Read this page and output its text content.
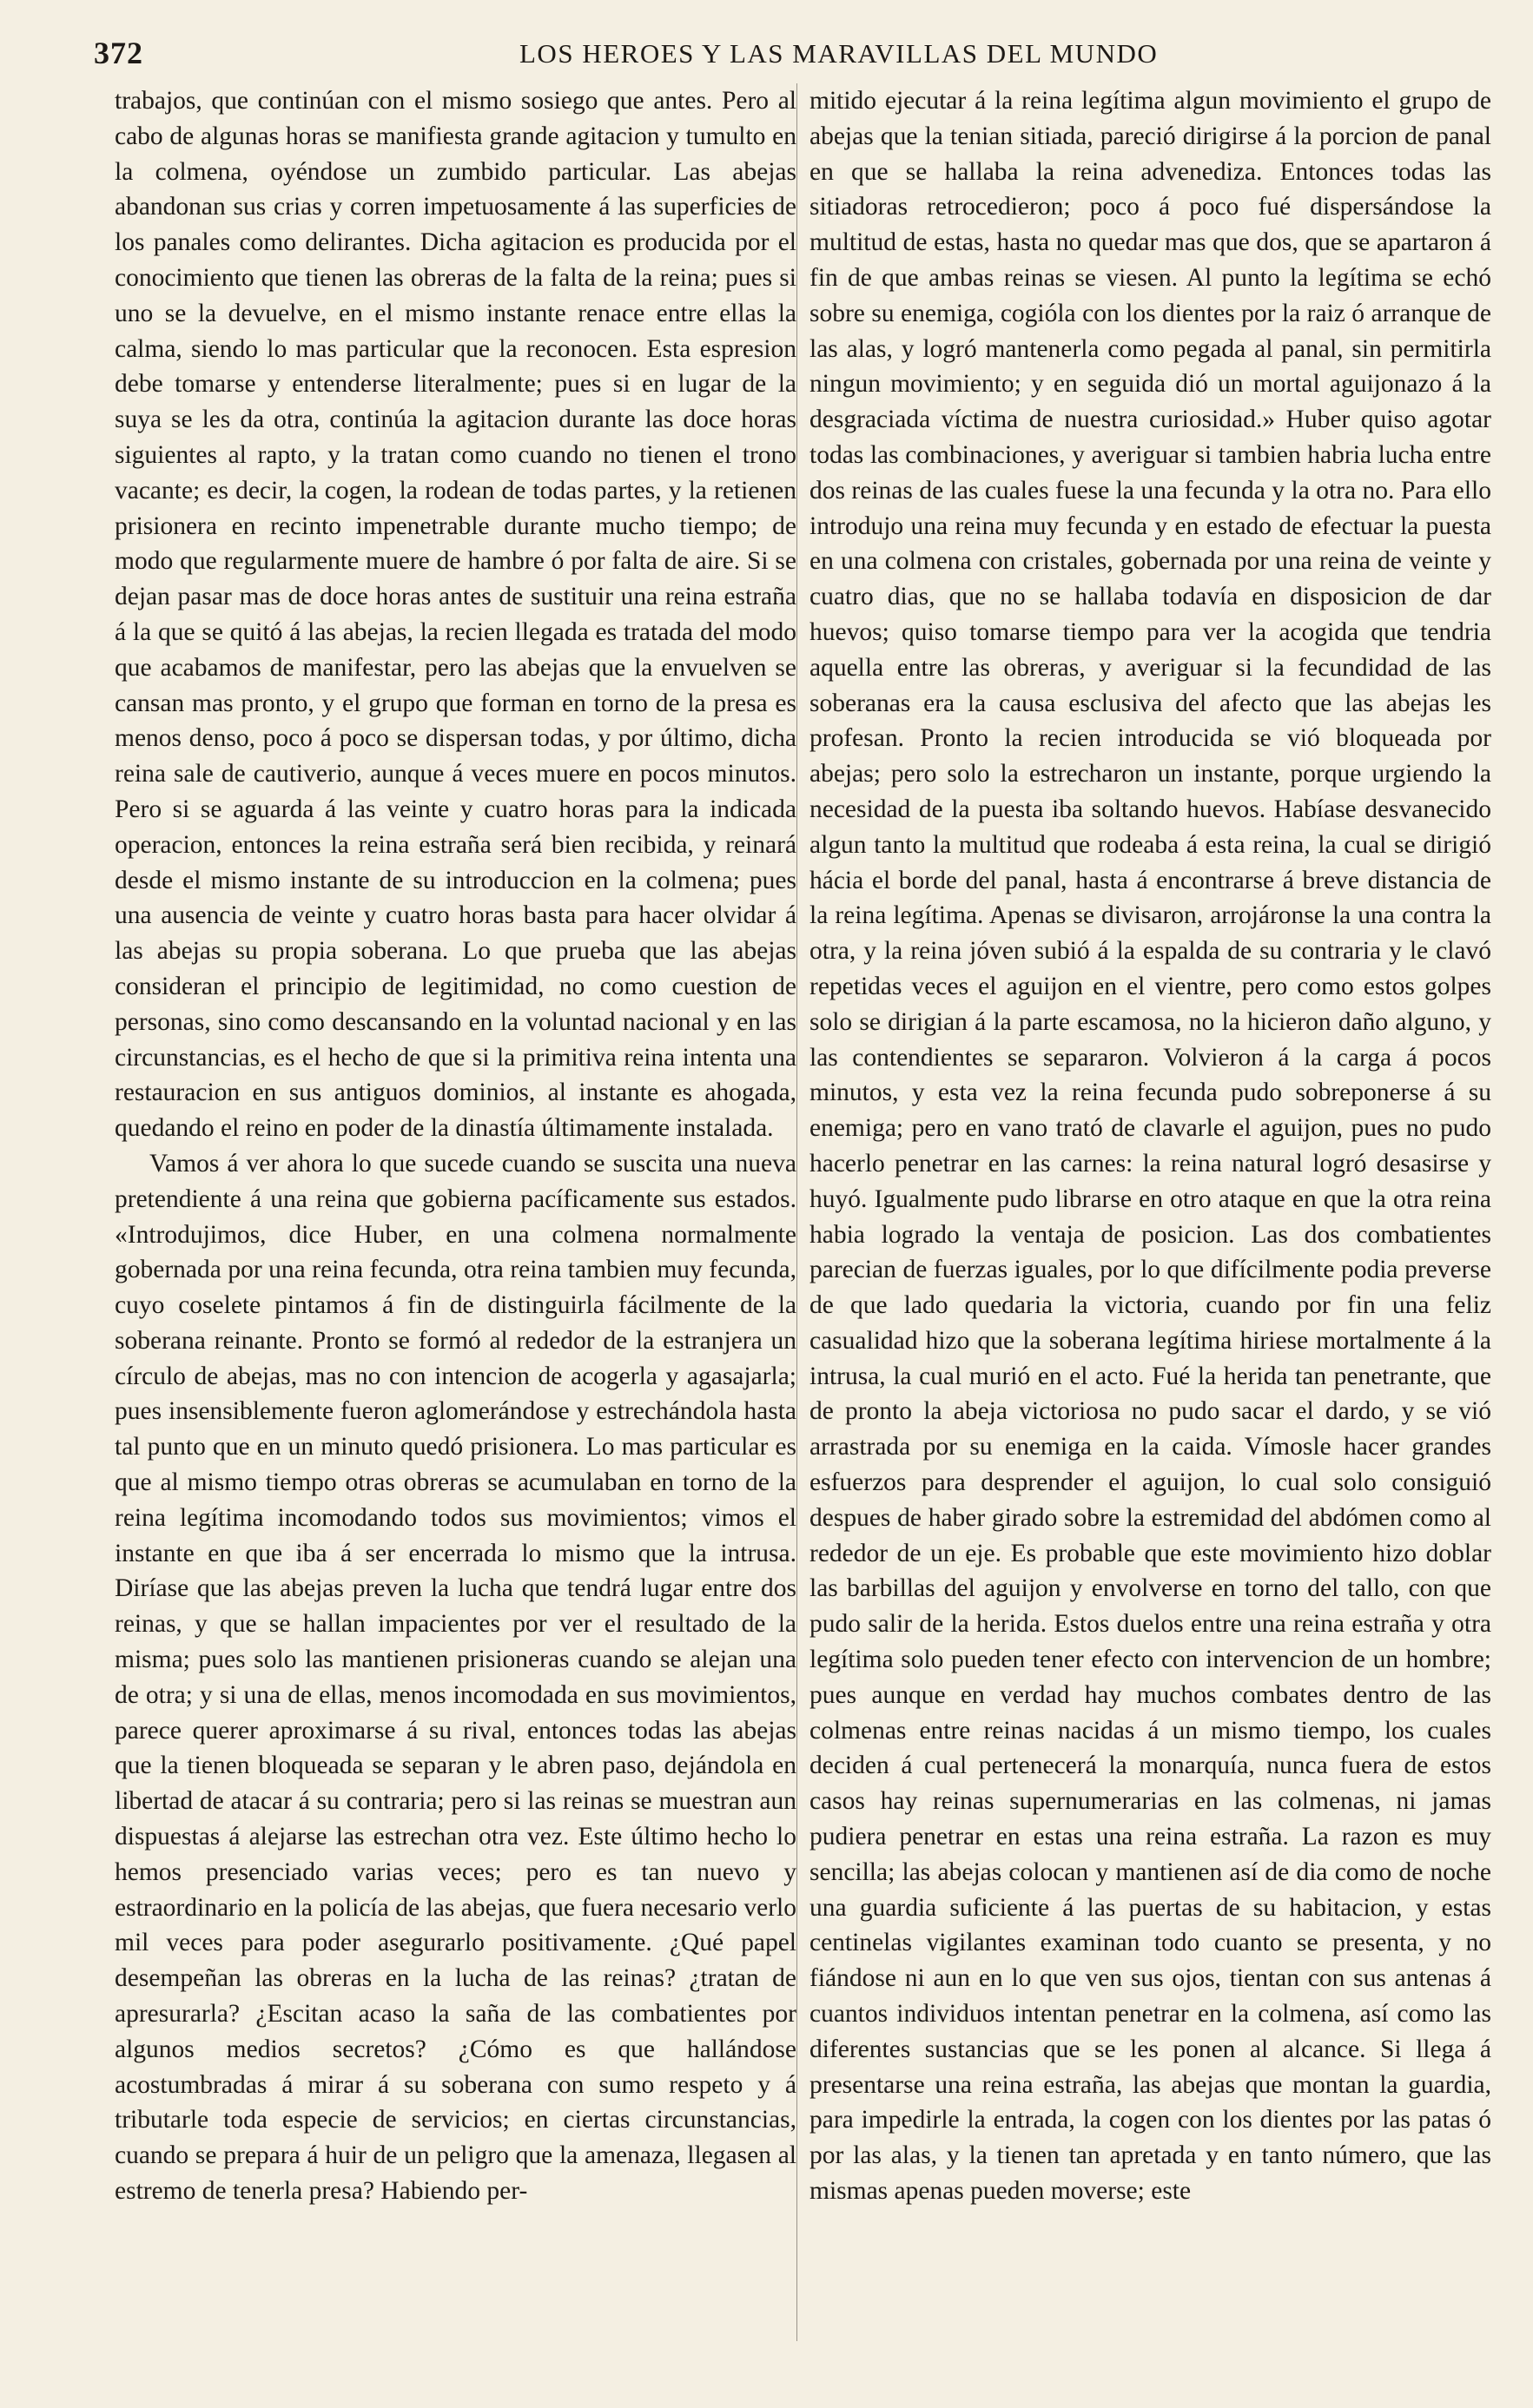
372	LOS HEROES Y LAS MARAVILLAS DEL MUNDO

trabajos, que continúan con el mismo sosiego que antes. Pero al cabo de algunas horas se manifiesta grande agitacion y tumulto en la colmena, oyéndose un zumbido particular. Las abejas abandonan sus crias y corren impetuosamente á las superficies de los panales como delirantes. Dicha agitacion es producida por el conocimiento que tienen las obreras de la falta de la reina; pues si uno se la devuelve, en el mismo instante renace entre ellas la calma, siendo lo mas particular que la reconocen. Esta espresion debe tomarse y entenderse literalmente; pues si en lugar de la suya se les da otra, continúa la agitacion durante las doce horas siguientes al rapto, y la tratan como cuando no tienen el trono vacante; es decir, la cogen, la rodean de todas partes, y la retienen prisionera en recinto impenetrable durante mucho tiempo; de modo que regularmente muere de hambre ó por falta de aire. Si se dejan pasar mas de doce horas antes de sustituir una reina estraña á la que se quitó á las abejas, la recien llegada es tratada del modo que acabamos de manifestar, pero las abejas que la envuelven se cansan mas pronto, y el grupo que forman en torno de la presa es menos denso, poco á poco se dispersan todas, y por último, dicha reina sale de cautiverio, aunque á veces muere en pocos minutos. Pero si se aguarda á las veinte y cuatro horas para la indicada operacion, entonces la reina estraña será bien recibida, y reinará desde el mismo instante de su introduccion en la colmena; pues una ausencia de veinte y cuatro horas basta para hacer olvidar á las abejas su propia soberana. Lo que prueba que las abejas consideran el principio de legitimidad, no como cuestion de personas, sino como descansando en la voluntad nacional y en las circunstancias, es el hecho de que si la primitiva reina intenta una restauracion en sus antiguos dominios, al instante es ahogada, quedando el reino en poder de la dinastía últimamente instalada.

Vamos á ver ahora lo que sucede cuando se suscita una nueva pretendiente á una reina que gobierna pacíficamente sus estados. «Introdujimos, dice Huber, en una colmena normalmente gobernada por una reina fecunda, otra reina tambien muy fecunda, cuyo coselete pintamos á fin de distinguirla fácilmente de la soberana reinante. Pronto se formó al rededor de la estranjera un círculo de abejas, mas no con intencion de acogerla y agasajarla; pues insensiblemente fueron aglomerándose y estrechándola hasta tal punto que en un minuto quedó prisionera. Lo mas particular es que al mismo tiempo otras obreras se acumulaban en torno de la reina legítima incomodando todos sus movimientos; vimos el instante en que iba á ser encerrada lo mismo que la intrusa. Diríase que las abejas preven la lucha que tendrá lugar entre dos reinas, y que se hallan impacientes por ver el resultado de la misma; pues solo las mantienen prisioneras cuando se alejan una de otra; y si una de ellas, menos incomodada en sus movimientos, parece querer aproximarse á su rival, entonces todas las abejas que la tienen bloqueada se separan y le abren paso, dejándola en libertad de atacar á su contraria; pero si las reinas se muestran aun dispuestas á alejarse las estrechan otra vez. Este último hecho lo hemos presenciado varias veces; pero es tan nuevo y estraordinario en la policía de las abejas, que fuera necesario verlo mil veces para poder asegurarlo positivamente. ¿Qué papel desempeñan las obreras en la lucha de las reinas? ¿tratan de apresurarla? ¿Escitan acaso la saña de las combatientes por algunos medios secretos? ¿Cómo es que hallándose acostumbradas á mirar á su soberana con sumo respeto y á tributarle toda especie de servicios; en ciertas circunstancias, cuando se prepara á huir de un peligro que la amenaza, llegasen al estremo de tenerla presa? Habiendo per-

mitido ejecutar á la reina legítima algun movimiento el grupo de abejas que la tenian sitiada, pareció dirigirse á la porcion de panal en que se hallaba la reina advenediza. Entonces todas las sitiadoras retrocedieron; poco á poco fué dispersándose la multitud de estas, hasta no quedar mas que dos, que se apartaron á fin de que ambas reinas se viesen. Al punto la legítima se echó sobre su enemiga, cogióla con los dientes por la raiz ó arranque de las alas, y logró mantenerla como pegada al panal, sin permitirla ningun movimiento; y en seguida dió un mortal aguijonazo á la desgraciada víctima de nuestra curiosidad.» Huber quiso agotar todas las combinaciones, y averiguar si tambien habria lucha entre dos reinas de las cuales fuese la una fecunda y la otra no. Para ello introdujo una reina muy fecunda y en estado de efectuar la puesta en una colmena con cristales, gobernada por una reina de veinte y cuatro dias, que no se hallaba todavía en disposicion de dar huevos; quiso tomarse tiempo para ver la acogida que tendria aquella entre las obreras, y averiguar si la fecundidad de las soberanas era la causa esclusiva del afecto que las abejas les profesan. Pronto la recien introducida se vió bloqueada por abejas; pero solo la estrecharon un instante, porque urgiendo la necesidad de la puesta iba soltando huevos. Habíase desvanecido algun tanto la multitud que rodeaba á esta reina, la cual se dirigió hácia el borde del panal, hasta á encontrarse á breve distancia de la reina legítima. Apenas se divisaron, arrojáronse la una contra la otra, y la reina jóven subió á la espalda de su contraria y le clavó repetidas veces el aguijon en el vientre, pero como estos golpes solo se dirigian á la parte escamosa, no la hicieron daño alguno, y las contendientes se separaron. Volvieron á la carga á pocos minutos, y esta vez la reina fecunda pudo sobreponerse á su enemiga; pero en vano trató de clavarle el aguijon, pues no pudo hacerlo penetrar en las carnes: la reina natural logró desasirse y huyó. Igualmente pudo librarse en otro ataque en que la otra reina habia logrado la ventaja de posicion. Las dos combatientes parecian de fuerzas iguales, por lo que difícilmente podia preverse de que lado quedaria la victoria, cuando por fin una feliz casualidad hizo que la soberana legítima hiriese mortalmente á la intrusa, la cual murió en el acto. Fué la herida tan penetrante, que de pronto la abeja victoriosa no pudo sacar el dardo, y se vió arrastrada por su enemiga en la caida. Vímosle hacer grandes esfuerzos para desprender el aguijon, lo cual solo consiguió despues de haber girado sobre la estremidad del abdómen como al rededor de un eje. Es probable que este movimiento hizo doblar las barbillas del aguijon y envolverse en torno del tallo, con que pudo salir de la herida. Estos duelos entre una reina estraña y otra legítima solo pueden tener efecto con intervencion de un hombre; pues aunque en verdad hay muchos combates dentro de las colmenas entre reinas nacidas á un mismo tiempo, los cuales deciden á cual pertenecerá la monarquía, nunca fuera de estos casos hay reinas supernumerarias en las colmenas, ni jamas pudiera penetrar en estas una reina estraña. La razon es muy sencilla; las abejas colocan y mantienen así de dia como de noche una guardia suficiente á las puertas de su habitacion, y estas centinelas vigilantes examinan todo cuanto se presenta, y no fiándose ni aun en lo que ven sus ojos, tientan con sus antenas á cuantos individuos intentan penetrar en la colmena, así como las diferentes sustancias que se les ponen al alcance. Si llega á presentarse una reina estraña, las abejas que montan la guardia, para impedirle la entrada, la cogen con los dientes por las patas ó por las alas, y la tienen tan apretada y en tanto número, que las mismas apenas pueden moverse; este
